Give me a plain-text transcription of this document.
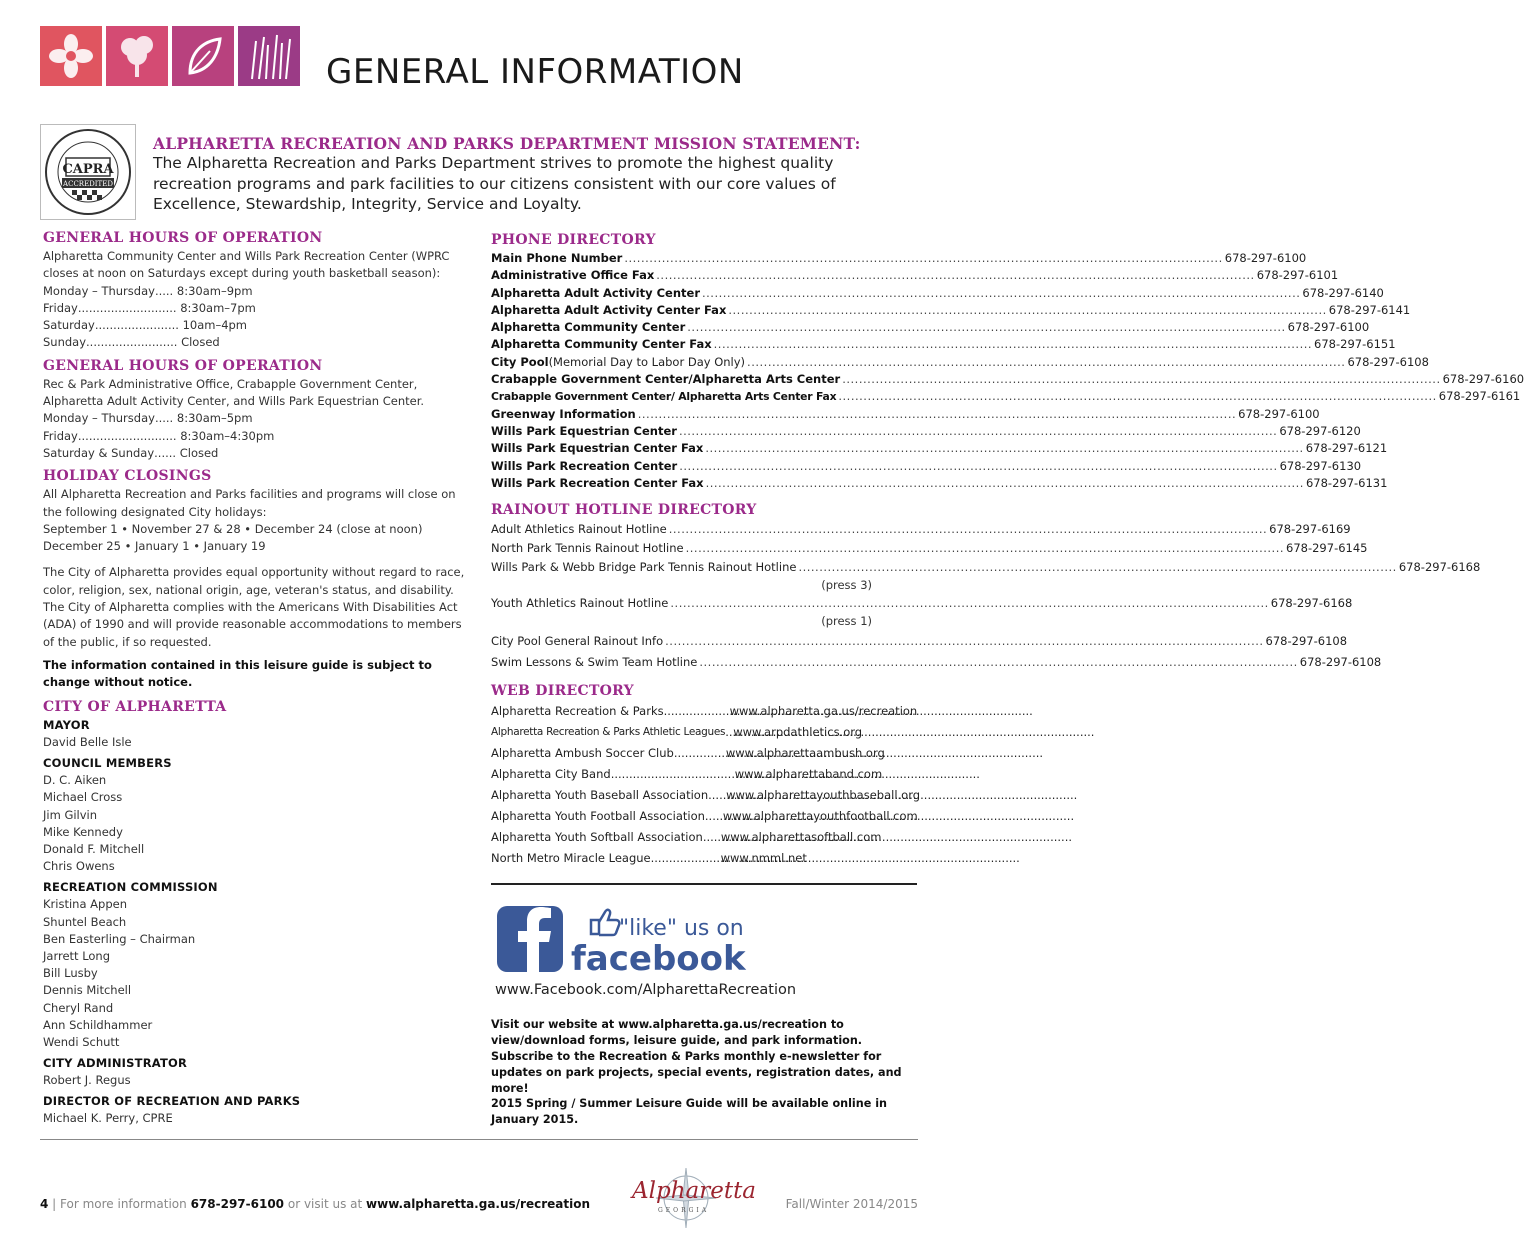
GENERAL INFORMATION
CAPRA
ACCREDITED
ALPHARETTA RECREATION AND PARKS DEPARTMENT MISSION STATEMENT:
The Alpharetta Recreation and Parks Department strives to promote the highest quality recreation programs and park facilities to our citizens consistent with our core values of Excellence, Stewardship, Integrity, Service and Loyalty.
GENERAL HOURS OF OPERATION
Alpharetta Community Center and Wills Park Recreation Center (WPRC closes at noon on Saturdays except during youth basketball season):
Monday – Thursday .....
8:30am–9pm
Friday ...........................
8:30am–7pm
Saturday .......................
10am–4pm
Sunday .........................
Closed
GENERAL HOURS OF OPERATION
Rec & Park Administrative Office, Crabapple Government Center, Alpharetta Adult Activity Center, and Wills Park Equestrian Center.
Monday – Thursday .....
8:30am–5pm
Friday ...........................
8:30am–4:30pm
Saturday & Sunday ......
Closed
HOLIDAY CLOSINGS
All Alpharetta Recreation and Parks facilities and programs will close on the following designated City holidays:
September 1 • November 27 & 28 • December 24 (close at noon)
December 25 • January 1 • January 19
The City of Alpharetta provides equal opportunity without regard to race, color, religion, sex, national origin, age, veteran's status, and disability. The City of Alpharetta complies with the Americans With Disabilities Act (ADA) of 1990 and will provide reasonable accommodations to members of the public, if so requested.
The information contained in this leisure guide is subject to change without notice.
CITY OF ALPHARETTA
MAYOR
David Belle Isle
COUNCIL MEMBERS
D. C. Aiken
Michael Cross
Jim Gilvin
Mike Kennedy
Donald F. Mitchell
Chris Owens
RECREATION COMMISSION
Kristina Appen
Shuntel Beach
Ben Easterling – Chairman
Jarrett Long
Bill Lusby
Dennis Mitchell
Cheryl Rand
Ann Schildhammer
Wendi Schutt
CITY ADMINISTRATOR
Robert J. Regus
DIRECTOR OF RECREATION AND PARKS
Michael K. Perry, CPRE
PHONE DIRECTORY
Main Phone Number .....	678-297-6100
Administrative Office Fax .....	678-297-6101
Alpharetta Adult Activity Center .....	678-297-6140
Alpharetta Adult Activity Center Fax .....	678-297-6141
Alpharetta Community Center .....	678-297-6100
Alpharetta Community Center Fax .....	678-297-6151
City Pool (Memorial Day to Labor Day Only) .....	678-297-6108
Crabapple Government Center/Alpharetta Arts Center .....	678-297-6160
Crabapple Government Center/ Alpharetta Arts Center Fax .....	678-297-6161
Greenway Information .....	678-297-6100
Wills Park Equestrian Center .....	678-297-6120
Wills Park Equestrian Center Fax .....	678-297-6121
Wills Park Recreation Center .....	678-297-6130
Wills Park Recreation Center Fax .....	678-297-6131
RAINOUT HOTLINE DIRECTORY
Adult Athletics Rainout Hotline .....	678-297-6169
North Park Tennis Rainout Hotline .....	678-297-6145
Wills Park & Webb Bridge Park Tennis Rainout Hotline .....	678-297-6168
(press 3)
Youth Athletics Rainout Hotline .....	678-297-6168
(press 1)
City Pool General Rainout Info .....	678-297-6108
Swim Lessons & Swim Team Hotline .....	678-297-6108
WEB DIRECTORY
Alpharetta Recreation & Parks .....	www.alpharetta.ga.us/recreation
Alpharetta Recreation & Parks Athletic Leagues ..... www.arpdathletics.org
Alpharetta Ambush Soccer Club .....	www.alpharettaambush.org
Alpharetta City Band .....	www.alpharettaband.com
Alpharetta Youth Baseball Association ..... www.alpharettayouthbaseball.org
Alpharetta Youth Football Association ..... www.alpharettayouthfootball.com
Alpharetta Youth Softball Association ..... www.alpharettasoftball.com
North Metro Miracle League .....	www.nmml.net
"like" us on
facebook
www.Facebook.com/AlpharettaRecreation
Visit our website at www.alpharetta.ga.us/recreation to view/download forms, leisure guide, and park information. Subscribe to the Recreation & Parks monthly e-newsletter for updates on park projects, special events, registration dates, and more!
2015 Spring / Summer Leisure Guide will be available online in January 2015.
4 | For more information 678-297-6100 or visit us at www.alpharetta.ga.us/recreation Alpharetta
GEORGIA	Fall/Winter 2014/2015
